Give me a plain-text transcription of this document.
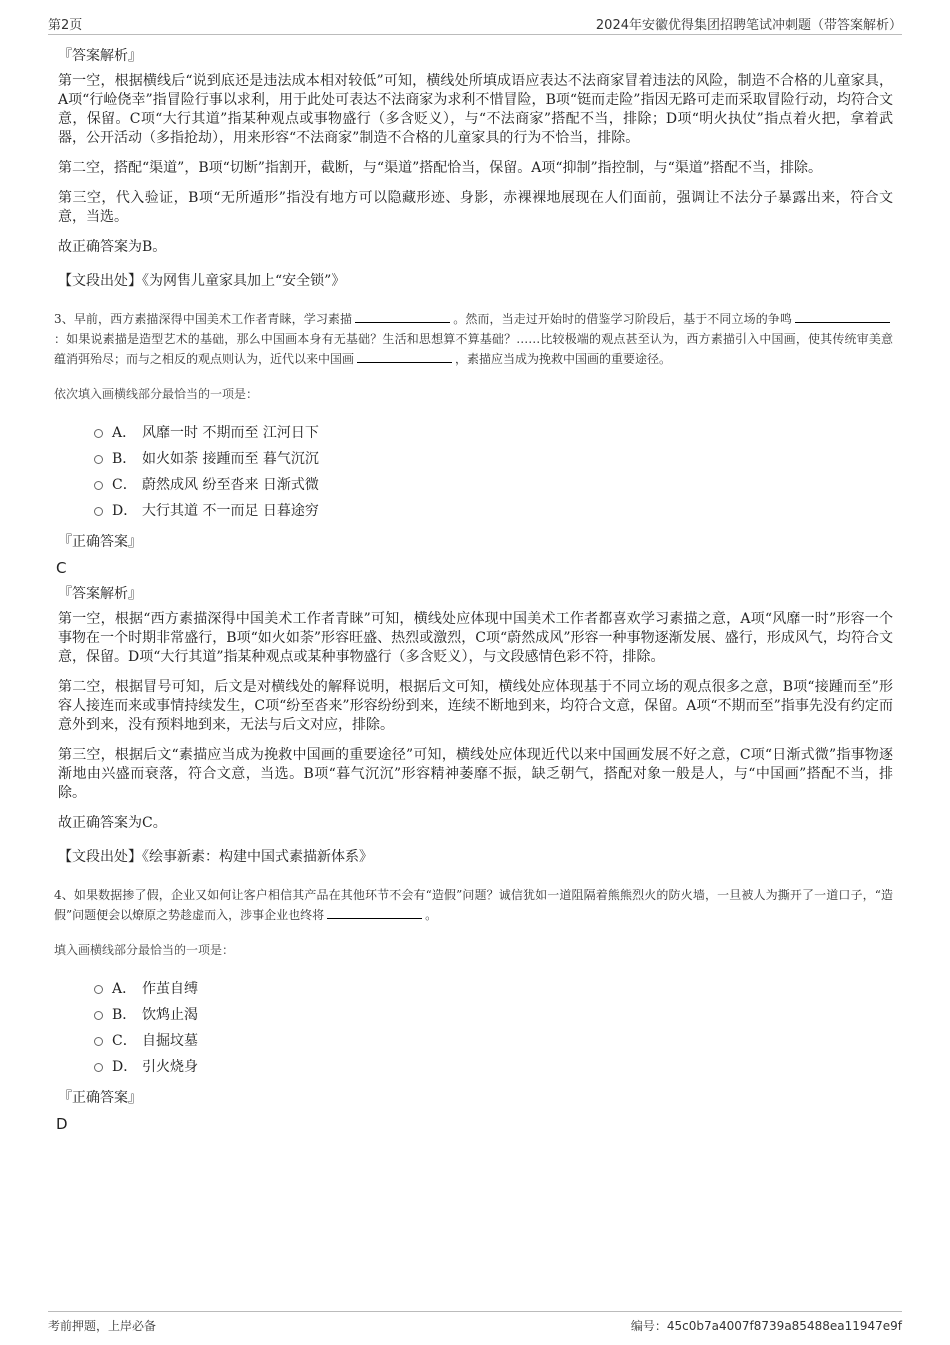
第2页	2024年安徽优得集团招聘笔试冲刺题（带答案解析）
『答案解析』

第一空，根据横线后“说到底还是违法成本相对较低”可知，横线处所填成语应表达不法商家冒着违法的风险，制造不合格的儿童家具，A项“行崄侥幸”指冒险行事以求利，用于此处可表达不法商家为求利不惜冒险，B项“铤而走险”指因无路可走而采取冒险行动，均符合文意，保留。C项“大行其道”指某种观点或事物盛行（多含贬义），与“不法商家”搭配不当，排除；D项“明火执仗”指点着火把，拿着武器，公开活动（多指抢劫），用来形容“不法商家”制造不合格的儿童家具的行为不恰当，排除。

第二空，搭配“渠道”，B项“切断”指割开，截断，与“渠道”搭配恰当，保留。A项“抑制”指控制，与“渠道”搭配不当，排除。

第三空，代入验证，B项“无所遁形”指没有地方可以隐藏形迹、身影，赤裸裸地展现在人们面前，强调让不法分子暴露出来，符合文意，当选。

故正确答案为B。

【文段出处】《为网售儿童家具加上“安全锁”》

3、早前，西方素描深得中国美术工作者青睐，学习素描	。然而，当走过开始时的借鉴学习阶段后，基于不同立场的争鸣：如果说素描是造型艺术的基础，那么中国画本身有无基础？生活和思想算不算基础？……比较极端的观点甚至认为，西方素描引入中国画，使其传统审美意蕴消弭殆尽；而与之相反的观点则认为，近代以来中国画	，素描应当成为挽救中国画的重要途径。

依次填入画横线部分最恰当的一项是：

A． 风靡一时 不期而至 江河日下
B． 如火如荼 接踵而至 暮气沉沉
C． 蔚然成风 纷至沓来 日渐式微
D． 大行其道 不一而足 日暮途穷
『正确答案』
C
『答案解析』

第一空，根据“西方素描深得中国美术工作者青睐”可知，横线处应体现中国美术工作者都喜欢学习素描之意，A项“风靡一时”形容一个事物在一个时期非常盛行，B项“如火如荼”形容旺盛、热烈或激烈，C项“蔚然成风”形容一种事物逐渐发展、盛行，形成风气，均符合文意，保留。D项“大行其道”指某种观点或某种事物盛行（多含贬义），与文段感情色彩不符，排除。

第二空，根据冒号可知，后文是对横线处的解释说明，根据后文可知，横线处应体现基于不同立场的观点很多之意，B项“接踵而至”形容人接连而来或事情持续发生，C项“纷至沓来”形容纷纷到来，连续不断地到来，均符合文意，保留。A项“不期而至”指事先没有约定而意外到来，没有预料地到来，无法与后文对应，排除。

第三空，根据后文“素描应当成为挽救中国画的重要途径”可知，横线处应体现近代以来中国画发展不好之意，C项“日渐式微”指事物逐渐地由兴盛而衰落，符合文意，当选。B项“暮气沉沉”形容精神萎靡不振，缺乏朝气，搭配对象一般是人，与“中国画”搭配不当，排除。

故正确答案为C。

【文段出处】《绘事新素：构建中国式素描新体系》

4、如果数据掺了假，企业又如何让客户相信其产品在其他环节不会有“造假”问题？诚信犹如一道阻隔着熊熊烈火的防火墙，一旦被人为撕开了一道口子，“造假”问题便会以燎原之势趁虚而入，涉事企业也终将	。

填入画横线部分最恰当的一项是：

A． 作茧自缚
B． 饮鸩止渴
C． 自掘坟墓
D． 引火烧身
『正确答案』
D
考前押题，上岸必备	编号：45c0b7a4007f8739a85488ea11947e9f
